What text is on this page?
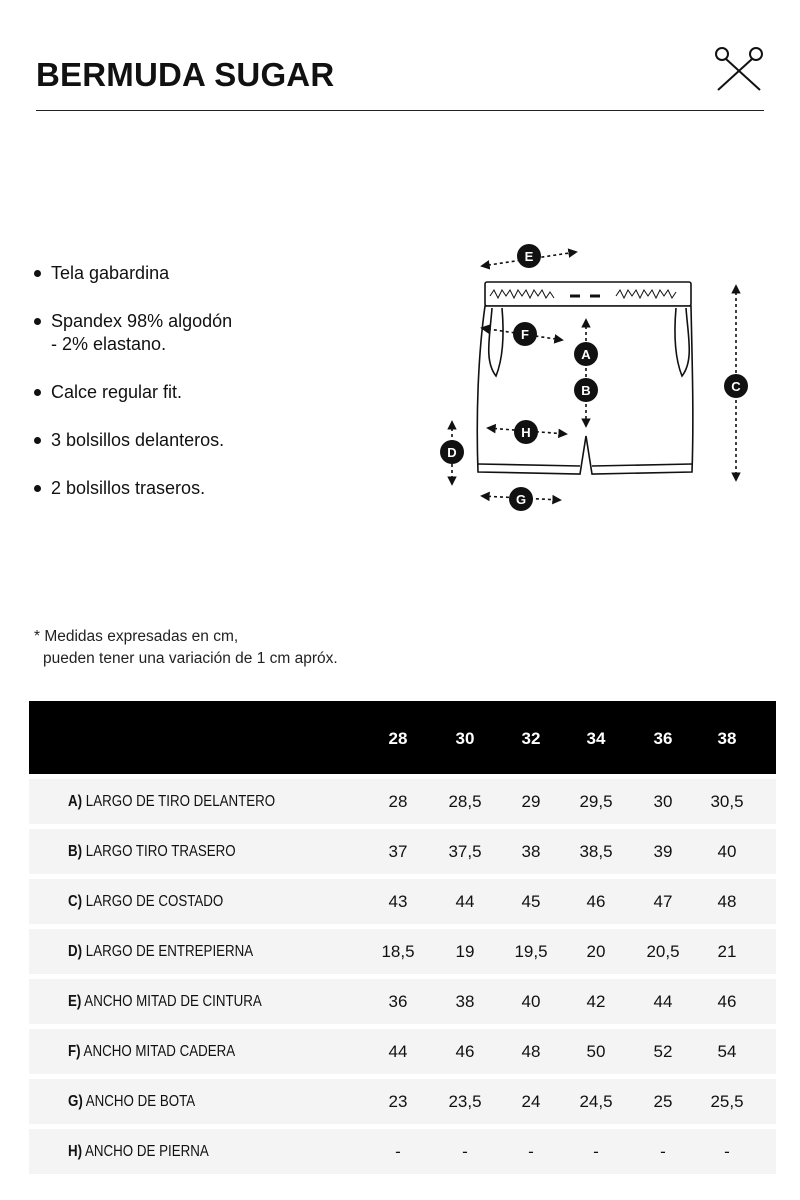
BERMUDA SUGAR
Tela gabardina
Spandex 98% algodón
- 2% elastano.
Calce regular fit.
3 bolsillos delanteros.
2 bolsillos traseros.
E
F
A
B	C
D
H
G
* Medidas expresadas en cm,
pueden tener una variación de 1 cm apróx.
28	30	32	34	36	38
A) LARGO DE TIRO DELANTERO	28	28,5	29	29,5	30	30,5
B) LARGO TIRO TRASERO	37	37,5	38	38,5	39	40
C) LARGO DE COSTADO	43	44	45	46	47	48
D) LARGO DE ENTREPIERNA	18,5	19	19,5	20	20,5	21
E) ANCHO MITAD DE CINTURA	36	38	40	42	44	46
F) ANCHO MITAD CADERA	44	46	48	50	52	54
G) ANCHO DE BOTA	23	23,5	24	24,5	25	25,5
H) ANCHO DE PIERNA	-	-	-	-	-	-
